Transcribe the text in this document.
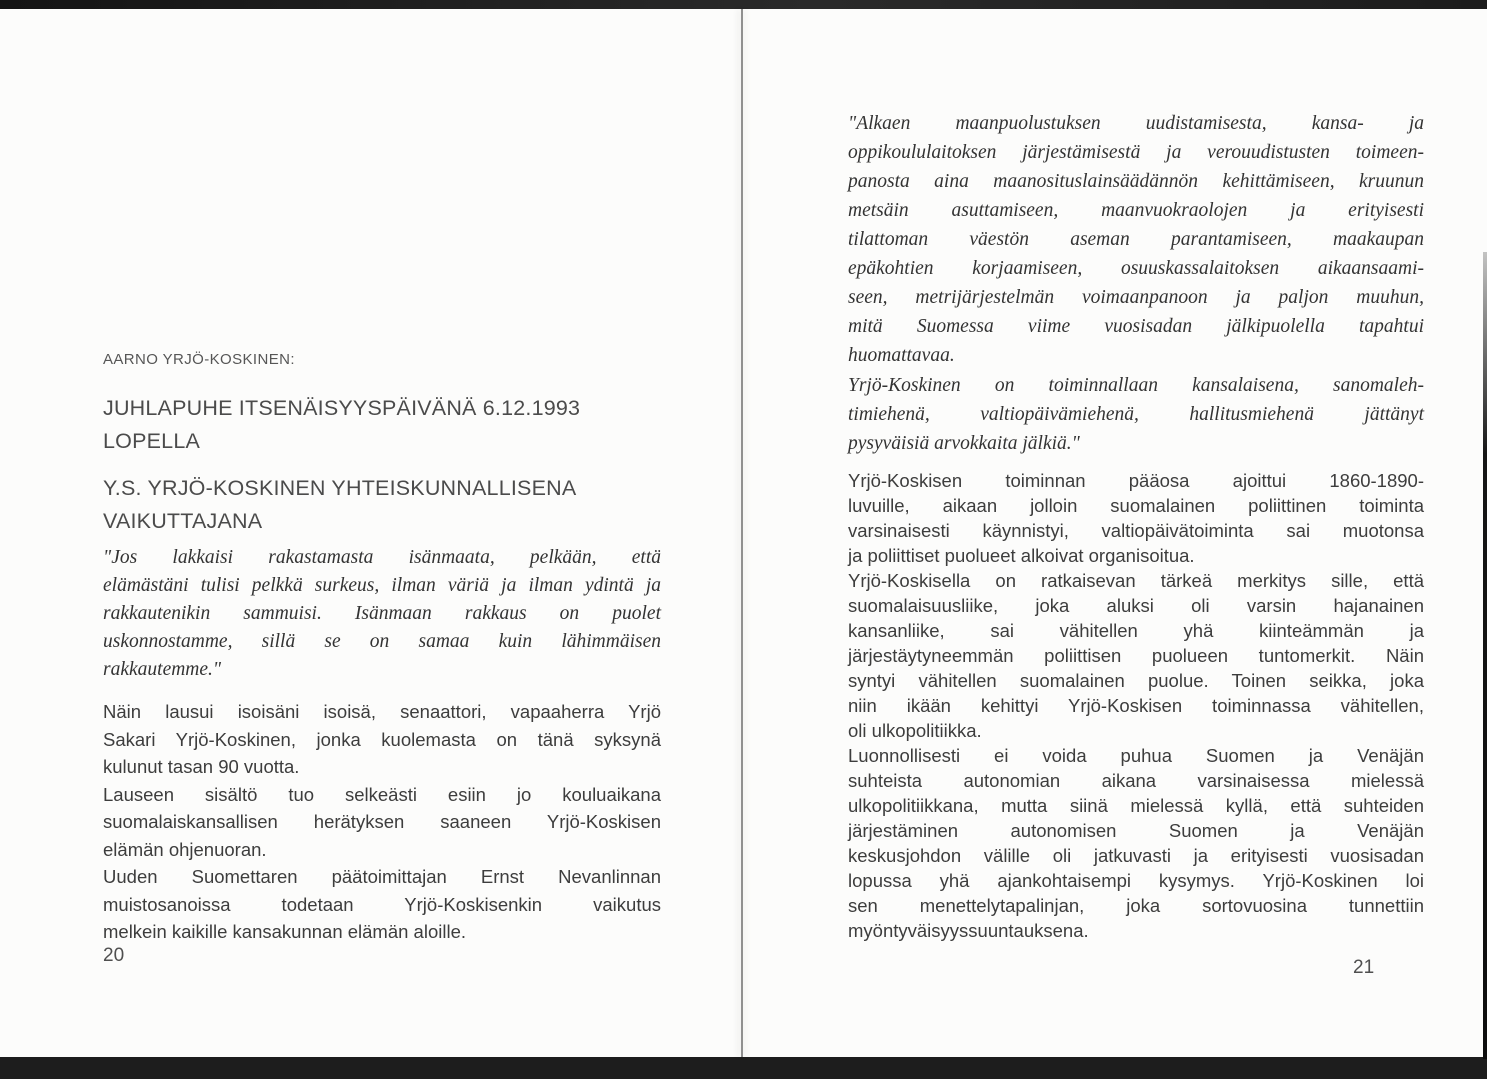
AARNO YRJÖ-KOSKINEN:
JUHLAPUHE ITSENÄISYYSPÄIVÄNÄ 6.12.1993
LOPELLA
Y.S. YRJÖ-KOSKINEN YHTEISKUNNALLISENA
VAIKUTTAJANA
"Jos lakkaisi rakastamasta isänmaata, pelkään, että
elämästäni tulisi pelkkä surkeus, ilman väriä ja ilman ydintä ja
rakkautenikin sammuisi. Isänmaan rakkaus on puolet
uskonnostamme, sillä se on samaa kuin lähimmäisen
rakkautemme."
Näin lausui isoisäni isoisä, senaattori, vapaaherra Yrjö
Sakari Yrjö-Koskinen, jonka kuolemasta on tänä syksynä
kulunut tasan 90 vuotta.
Lauseen sisältö tuo selkeästi esiin jo kouluaikana
suomalaiskansallisen herätyksen saaneen Yrjö-Koskisen
elämän ohjenuoran.
Uuden Suomettaren päätoimittajan Ernst Nevanlinnan
muistosanoissa todetaan Yrjö-Koskisenkin vaikutus
melkein kaikille kansakunnan elämän aloille.
20
"Alkaen maanpuolustuksen uudistamisesta, kansa- ja
oppikoululaitoksen järjestämisestä ja verouudistusten toimeen-
panosta aina maanosituslainsäädännön kehittämiseen, kruunun
metsäin asuttamiseen, maanvuokraolojen ja erityisesti
tilattoman väestön aseman parantamiseen, maakaupan
epäkohtien korjaamiseen, osuuskassalaitoksen aikaansaami-
seen, metrijärjestelmän voimaanpanoon ja paljon muuhun,
mitä Suomessa viime vuosisadan jälkipuolella tapahtui
huomattavaa.
Yrjö-Koskinen on toiminnallaan kansalaisena, sanomaleh-
timiehenä, valtiopäivämiehenä, hallitusmiehenä jättänyt
pysyväisiä arvokkaita jälkiä."
Yrjö-Koskisen toiminnan pääosa ajoittui 1860-1890-
luvuille, aikaan jolloin suomalainen poliittinen toiminta
varsinaisesti käynnistyi, valtiopäivätoiminta sai muotonsa
ja poliittiset puolueet alkoivat organisoitua.
Yrjö-Koskisella on ratkaisevan tärkeä merkitys sille, että
suomalaisuusliike, joka aluksi oli varsin hajanainen
kansanliike, sai vähitellen yhä kiinteämmän ja
järjestäytyneemmän poliittisen puolueen tuntomerkit. Näin
syntyi vähitellen suomalainen puolue. Toinen seikka, joka
niin ikään kehittyi Yrjö-Koskisen toiminnassa vähitellen,
oli ulkopolitiikka.
Luonnollisesti ei voida puhua Suomen ja Venäjän
suhteista autonomian aikana varsinaisessa mielessä
ulkopolitiikkana, mutta siinä mielessä kyllä, että suhteiden
järjestäminen autonomisen Suomen ja Venäjän
keskusjohdon välille oli jatkuvasti ja erityisesti vuosisadan
lopussa yhä ajankohtaisempi kysymys. Yrjö-Koskinen loi
sen menettelytapalinjan, joka sortovuosina tunnettiin
myöntyväisyyssuuntauksena.
21
